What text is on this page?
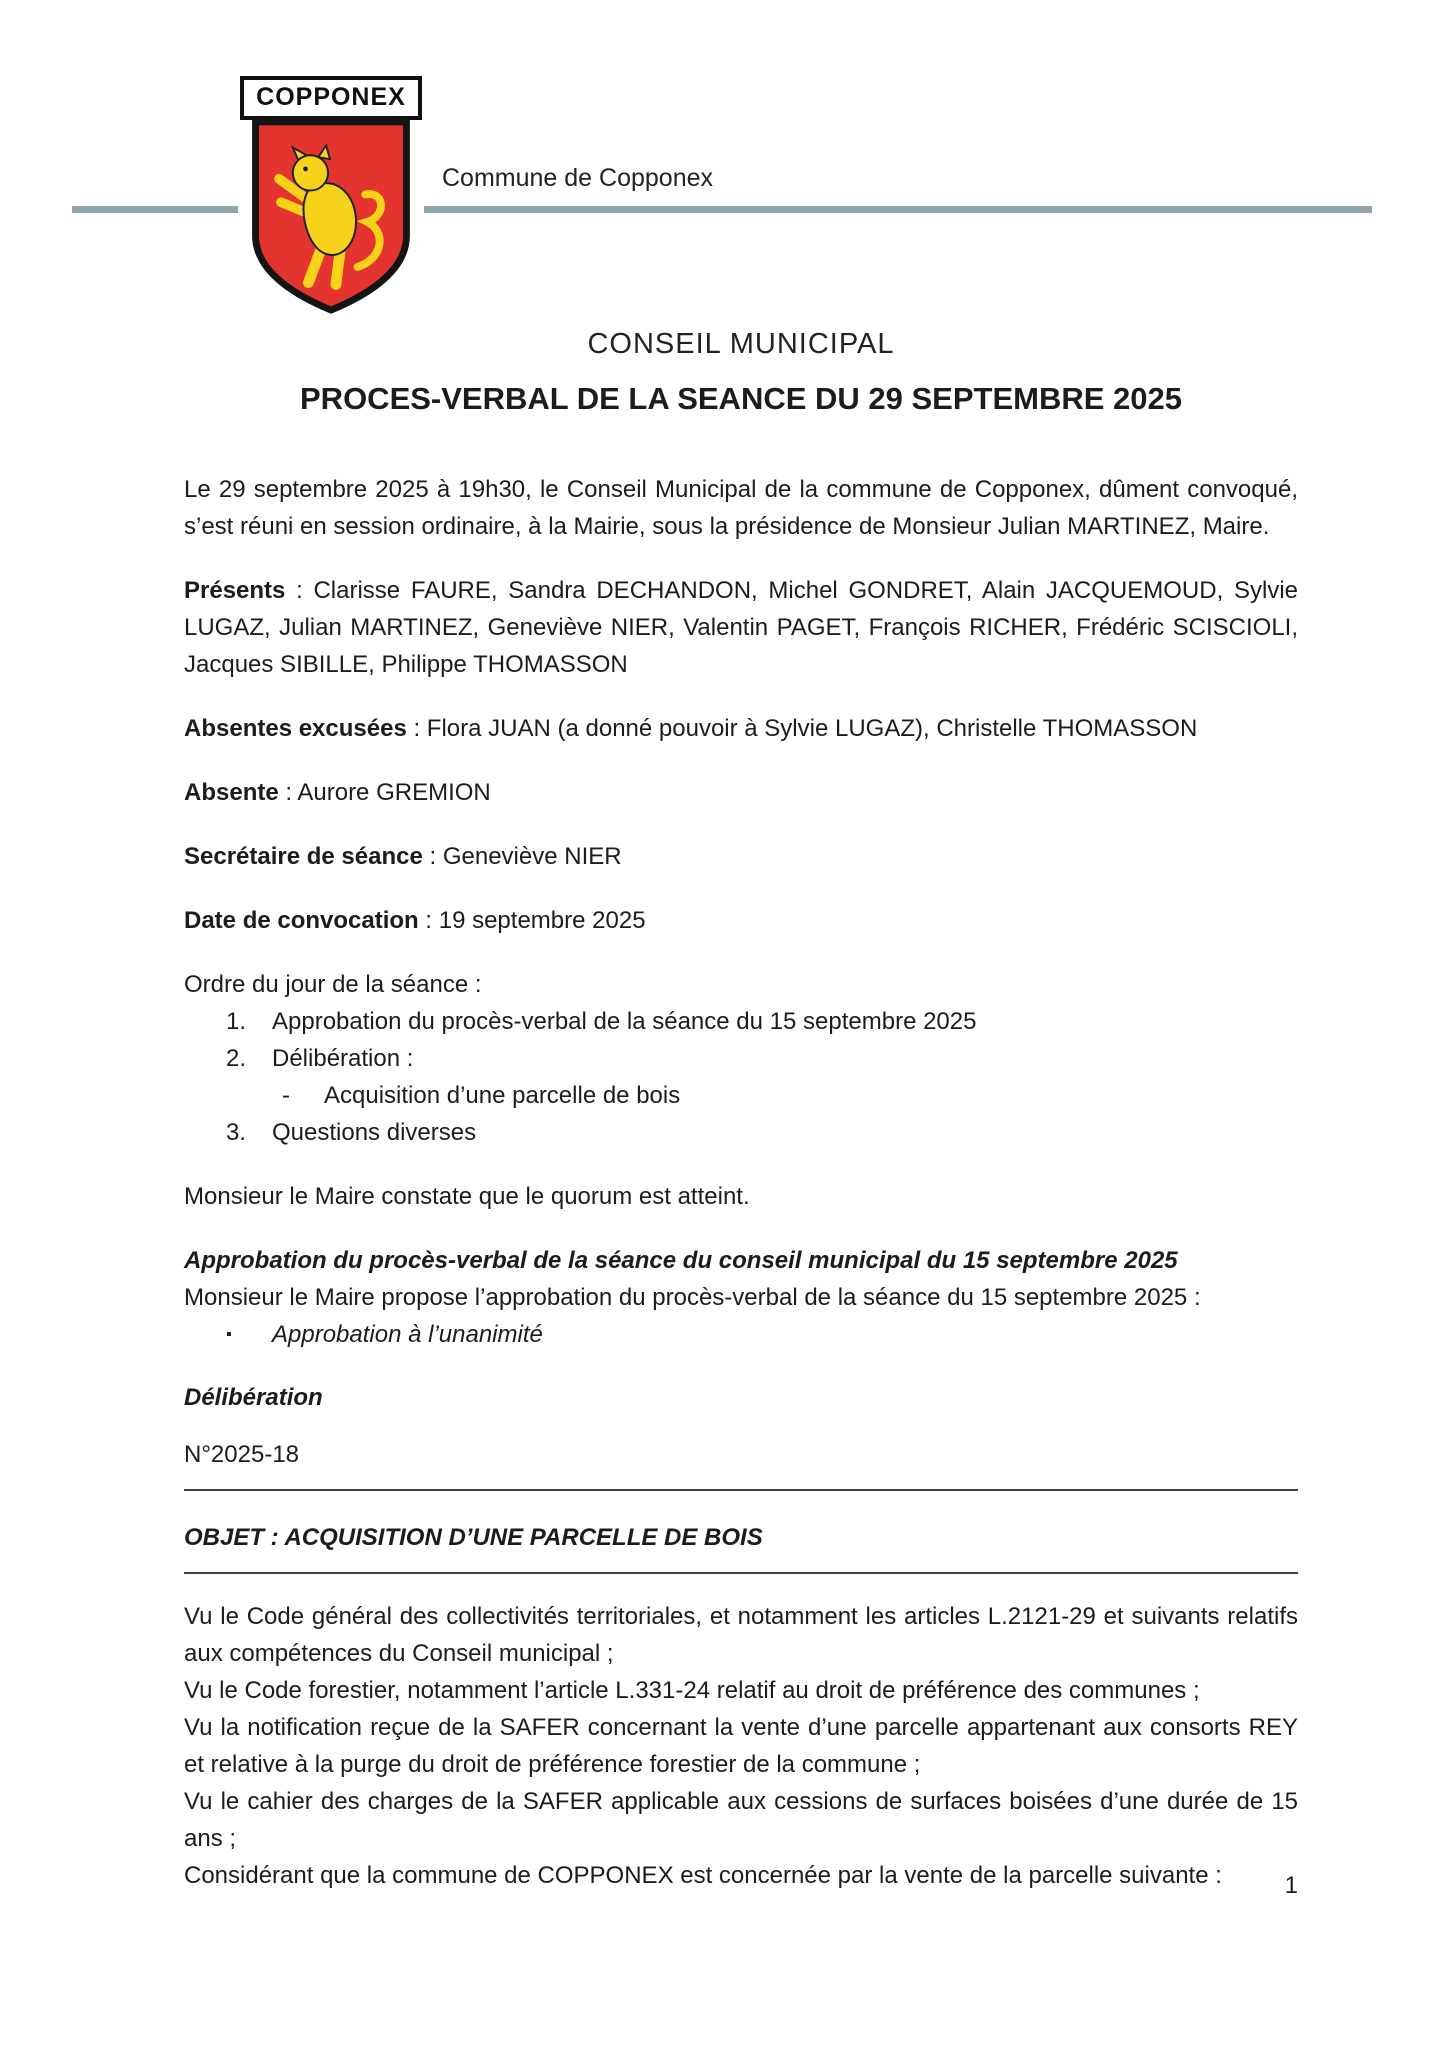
COPPONEX
Commune de Copponex
CONSEIL MUNICIPAL
PROCES-VERBAL DE LA SEANCE DU 29 SEPTEMBRE 2025

Le 29 septembre 2025 à 19h30, le Conseil Municipal de la commune de Copponex, dûment convoqué, s’est réuni en session ordinaire, à la Mairie, sous la présidence de Monsieur Julian MARTINEZ, Maire.

Présents : Clarisse FAURE, Sandra DECHANDON, Michel GONDRET, Alain JACQUEMOUD, Sylvie LUGAZ, Julian MARTINEZ, Geneviève NIER, Valentin PAGET, François RICHER, Frédéric SCISCIOLI, Jacques SIBILLE, Philippe THOMASSON

Absentes excusées : Flora JUAN (a donné pouvoir à Sylvie LUGAZ), Christelle THOMASSON

Absente : Aurore GREMION

Secrétaire de séance : Geneviève NIER

Date de convocation : 19 septembre 2025

Ordre du jour de la séance :

1.	Approbation du procès-verbal de la séance du 15 septembre 2025
2.	Délibération :
-	Acquisition d’une parcelle de bois
3.	Questions diverses

Monsieur le Maire constate que le quorum est atteint.

Approbation du procès-verbal de la séance du conseil municipal du 15 septembre 2025

Monsieur le Maire propose l’approbation du procès-verbal de la séance du 15 septembre 2025 :

▪	Approbation à l’unanimité

Délibération

N°2025-18

OBJET : ACQUISITION D’UNE PARCELLE DE BOIS

Vu le Code général des collectivités territoriales, et notamment les articles L.2121-29 et suivants relatifs aux compétences du Conseil municipal ;

Vu le Code forestier, notamment l’article L.331-24 relatif au droit de préférence des communes ;

Vu la notification reçue de la SAFER concernant la vente d’une parcelle appartenant aux consorts REY et relative à la purge du droit de préférence forestier de la commune ;

Vu le cahier des charges de la SAFER applicable aux cessions de surfaces boisées d’une durée de 15 ans ;

Considérant que la commune de COPPONEX est concernée par la vente de la parcelle suivante :	1
